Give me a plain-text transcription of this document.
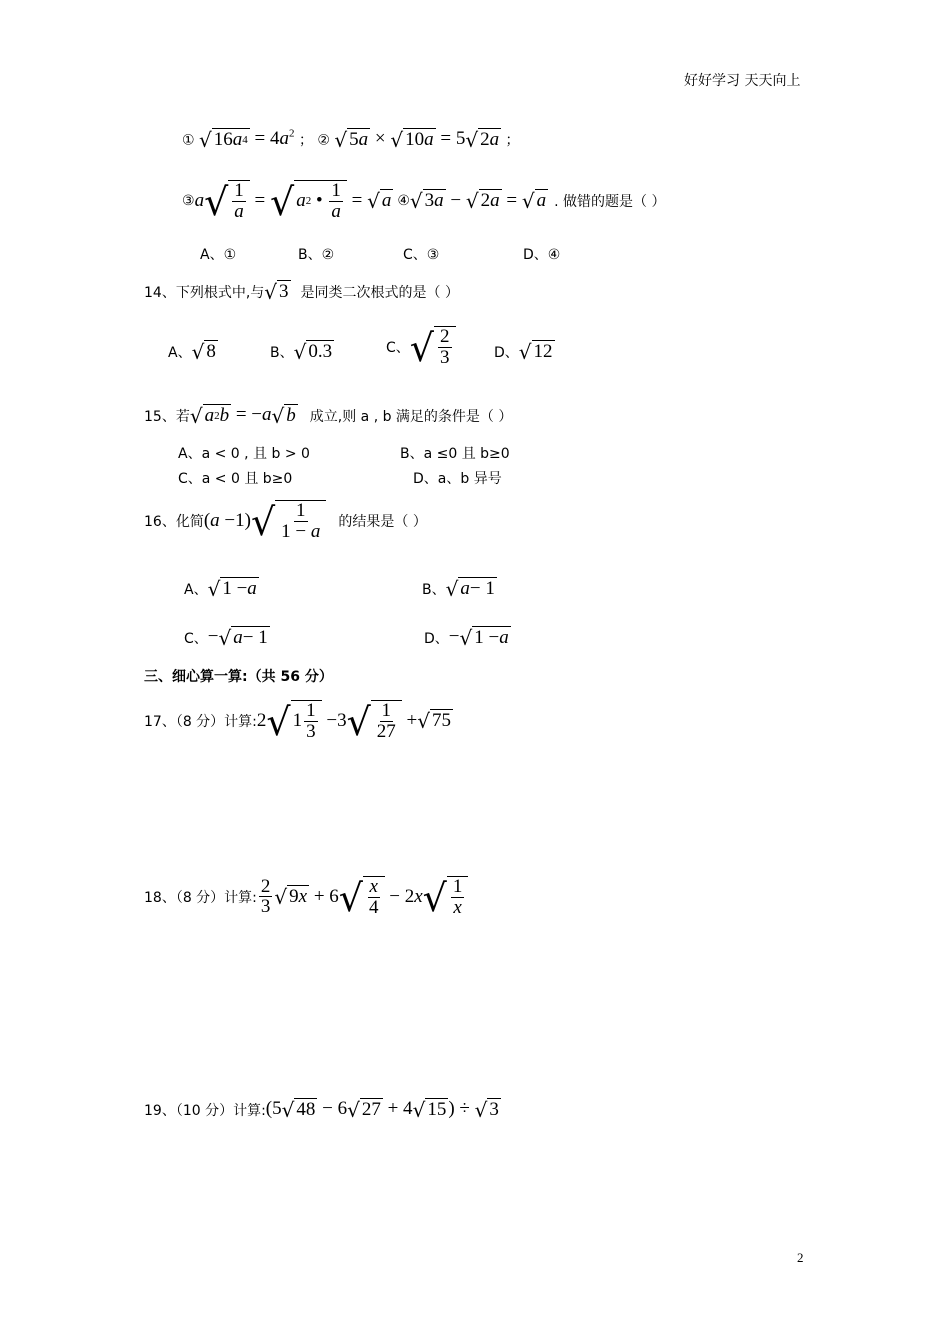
好好学习 天天向上
① √ 16 a $4 = 4a^2$ ； ② √ 5 a × √ 10 a = 5 √ 2 a ；
③ a √ $\frac{1}{a}$ = √ a 2 • $\frac{1}{a}$ = √ a ④ √ 3 a − √ 2 a = √ a . 做错的题是（ ）
A、①	B、②	C、③	D、④
14、下列根式中,与 √ 3 是同类二次根式的是（ ）
A、 √ 8	B、 √ 0.3	C、 √ $\frac{2}{3}$	D、 √ 12
15、若 √ a 2 b = −a √ b 成立,则 a , b 满足的条件是（ ）
A、a < 0 , 且 b > 0	B、a ≤0 且 b≥0
C、a < 0 且 b≥0	D、a、b 异号
16、化简 ( a −1) √ $\frac{1}{1 - a}$ 的结果是（ ）
A、 √ 1 − a	B、 √ a − 1
C、 − √ a − 1	D、 − √ 1 − a
三、细心算一算:（共 56 分）
17、（8 分）计算: 2 √ $1 \frac{1}{3} -3$ √ $\frac{1}{27}$ + √ 75
18、（8 分）计算: $\frac{2}{3}$ √ 9 x + 6 √ $\frac{x}{4} - 2$ x √ $\frac{1}{x}$
19、（10 分）计算: (5 √ 48 − 6 √ 27 + 4 √ 15 ) ÷ √ 3
2
